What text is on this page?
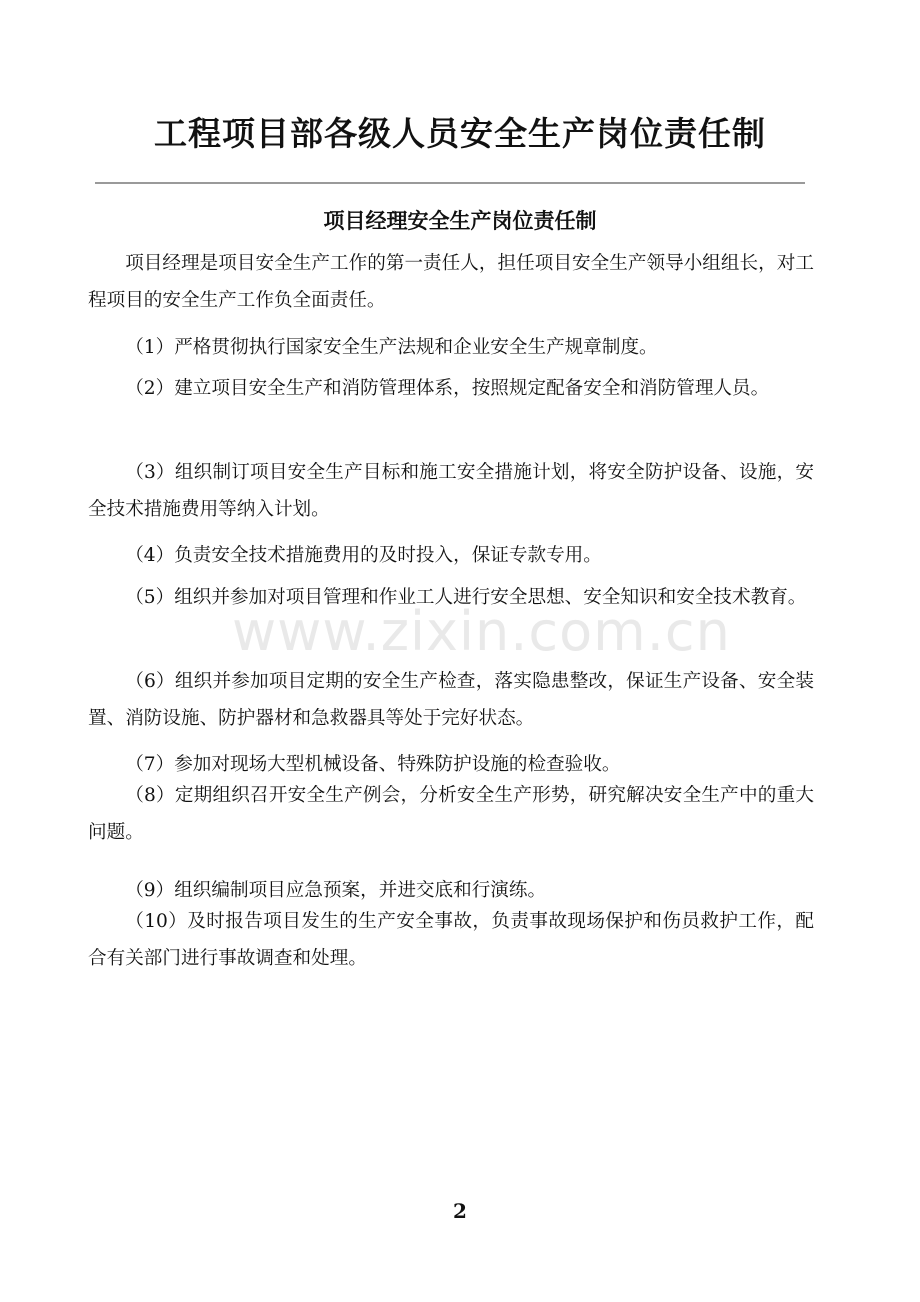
工程项目部各级人员安全生产岗位责任制
项目经理安全生产岗位责任制

项目经理是项目安全生产工作的第一责任人，担任项目安全生产领导小组组长，对工程项目的安全生产工作负全面责任。

（1）严格贯彻执行国家安全生产法规和企业安全生产规章制度。

（2）建立项目安全生产和消防管理体系，按照规定配备安全和消防管理人员。

（3）组织制订项目安全生产目标和施工安全措施计划，将安全防护设备、设施，安全技术措施费用等纳入计划。

（4）负责安全技术措施费用的及时投入，保证专款专用。

（5）组织并参加对项目管理和作业工人进行安全思想、安全知识和安全技术教育。

（6）组织并参加项目定期的安全生产检查，落实隐患整改，保证生产设备、安全装置、消防设施、防护器材和急救器具等处于完好状态。

（7）参加对现场大型机械设备、特殊防护设施的检查验收。

（8）定期组织召开安全生产例会，分析安全生产形势，研究解决安全生产中的重大问题。

（9）组织编制项目应急预案，并进交底和行演练。

（10）及时报告项目发生的生产安全事故，负责事故现场保护和伤员救护工作，配合有关部门进行事故调查和处理。

www.zixin.com.cn
2
